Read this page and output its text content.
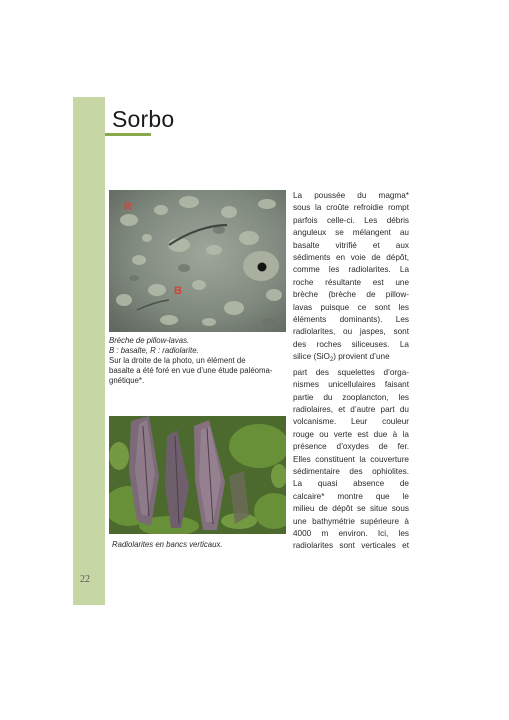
22
Sorbo
R
B
Brèche de pillow-lavas.
B : basalte, R : radiolarite.
Sur la droite de la photo, un élément de
basalte a été foré en vue d’une étude paléoma-
gnétique*.
Radiolarites en bancs verticaux.
La poussée du magma*
sous la croûte refroidie rompt
parfois celle-ci. Les débris
anguleux se mélangent au
basalte vitrifié et aux
sédiments en voie de dépôt,
comme les radiolarites. La
roche résultante est une
brèche (brèche de pillow-
lavas puisque ce sont les
éléments dominants). Les
radiolarites, ou jaspes, sont
des roches siliceuses. La
silice (SiO$_2$) provient d’une
part des squelettes d’orga-
nismes unicellulaires faisant
partie du zooplancton, les
radiolaires, et d’autre part du
volcanisme. Leur couleur
rouge ou verte est due à la
présence d’oxydes de fer.
Elles constituent la couverture
sédimentaire des ophiolites.
La quasi absence de
calcaire* montre que le
milieu de dépôt se situe sous
une bathymétrie supérieure à
4000 m environ. Ici, les
radiolarites sont verticales et
